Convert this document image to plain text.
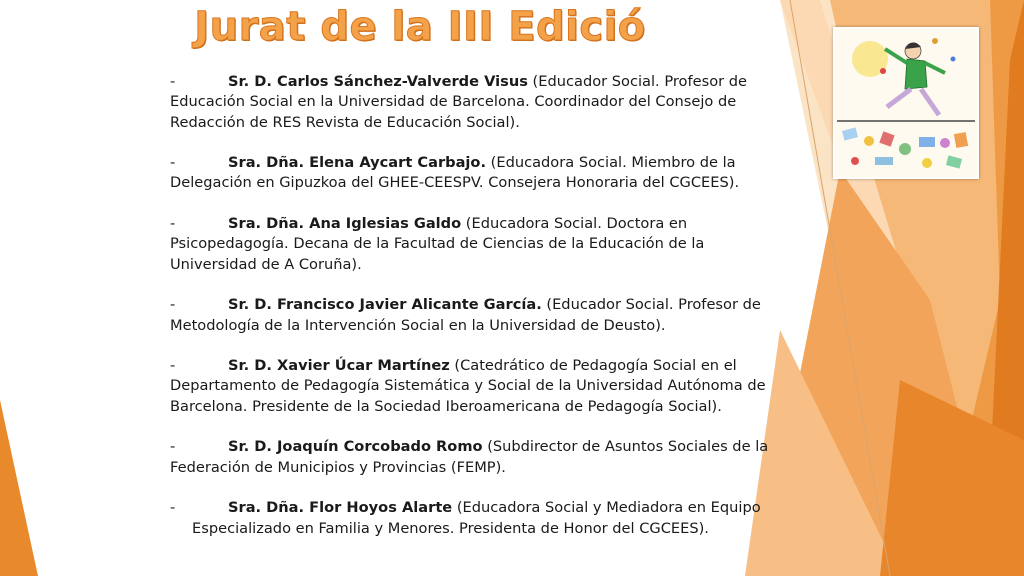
Jurat de la III Edició
-	Sr. D. Carlos Sánchez-Valverde Visus (Educador Social. Profesor de Educación Social en la Universidad de Barcelona. Coordinador del Consejo de Redacción de RES Revista de Educación Social).
-	Sra. Dña. Elena Aycart Carbajo. (Educadora Social. Miembro de la Delegación en Gipuzkoa del GHEE-CEESPV. Consejera Honoraria del CGCEES).
-	Sra. Dña. Ana Iglesias Galdo (Educadora Social. Doctora en Psicopedagogía. Decana de la Facultad de Ciencias de la Educación de la Universidad de A Coruña).
-	Sr. D. Francisco Javier Alicante García. (Educador Social. Profesor de Metodología de la Intervención Social en la Universidad de Deusto).
-	Sr. D. Xavier Úcar Martínez (Catedrático de Pedagogía Social en el Departamento de Pedagogía Sistemática y Social de la Universidad Autónoma de Barcelona. Presidente de la Sociedad Iberoamericana de Pedagogía Social).
-	Sr. D. Joaquín Corcobado Romo (Subdirector de Asuntos Sociales de la Federación de Municipios y Provincias (FEMP).
-	Sra. Dña. Flor Hoyos Alarte (Educadora Social y Mediadora en Equipo
Especializado en Familia y Menores. Presidenta de Honor del CGCEES).
